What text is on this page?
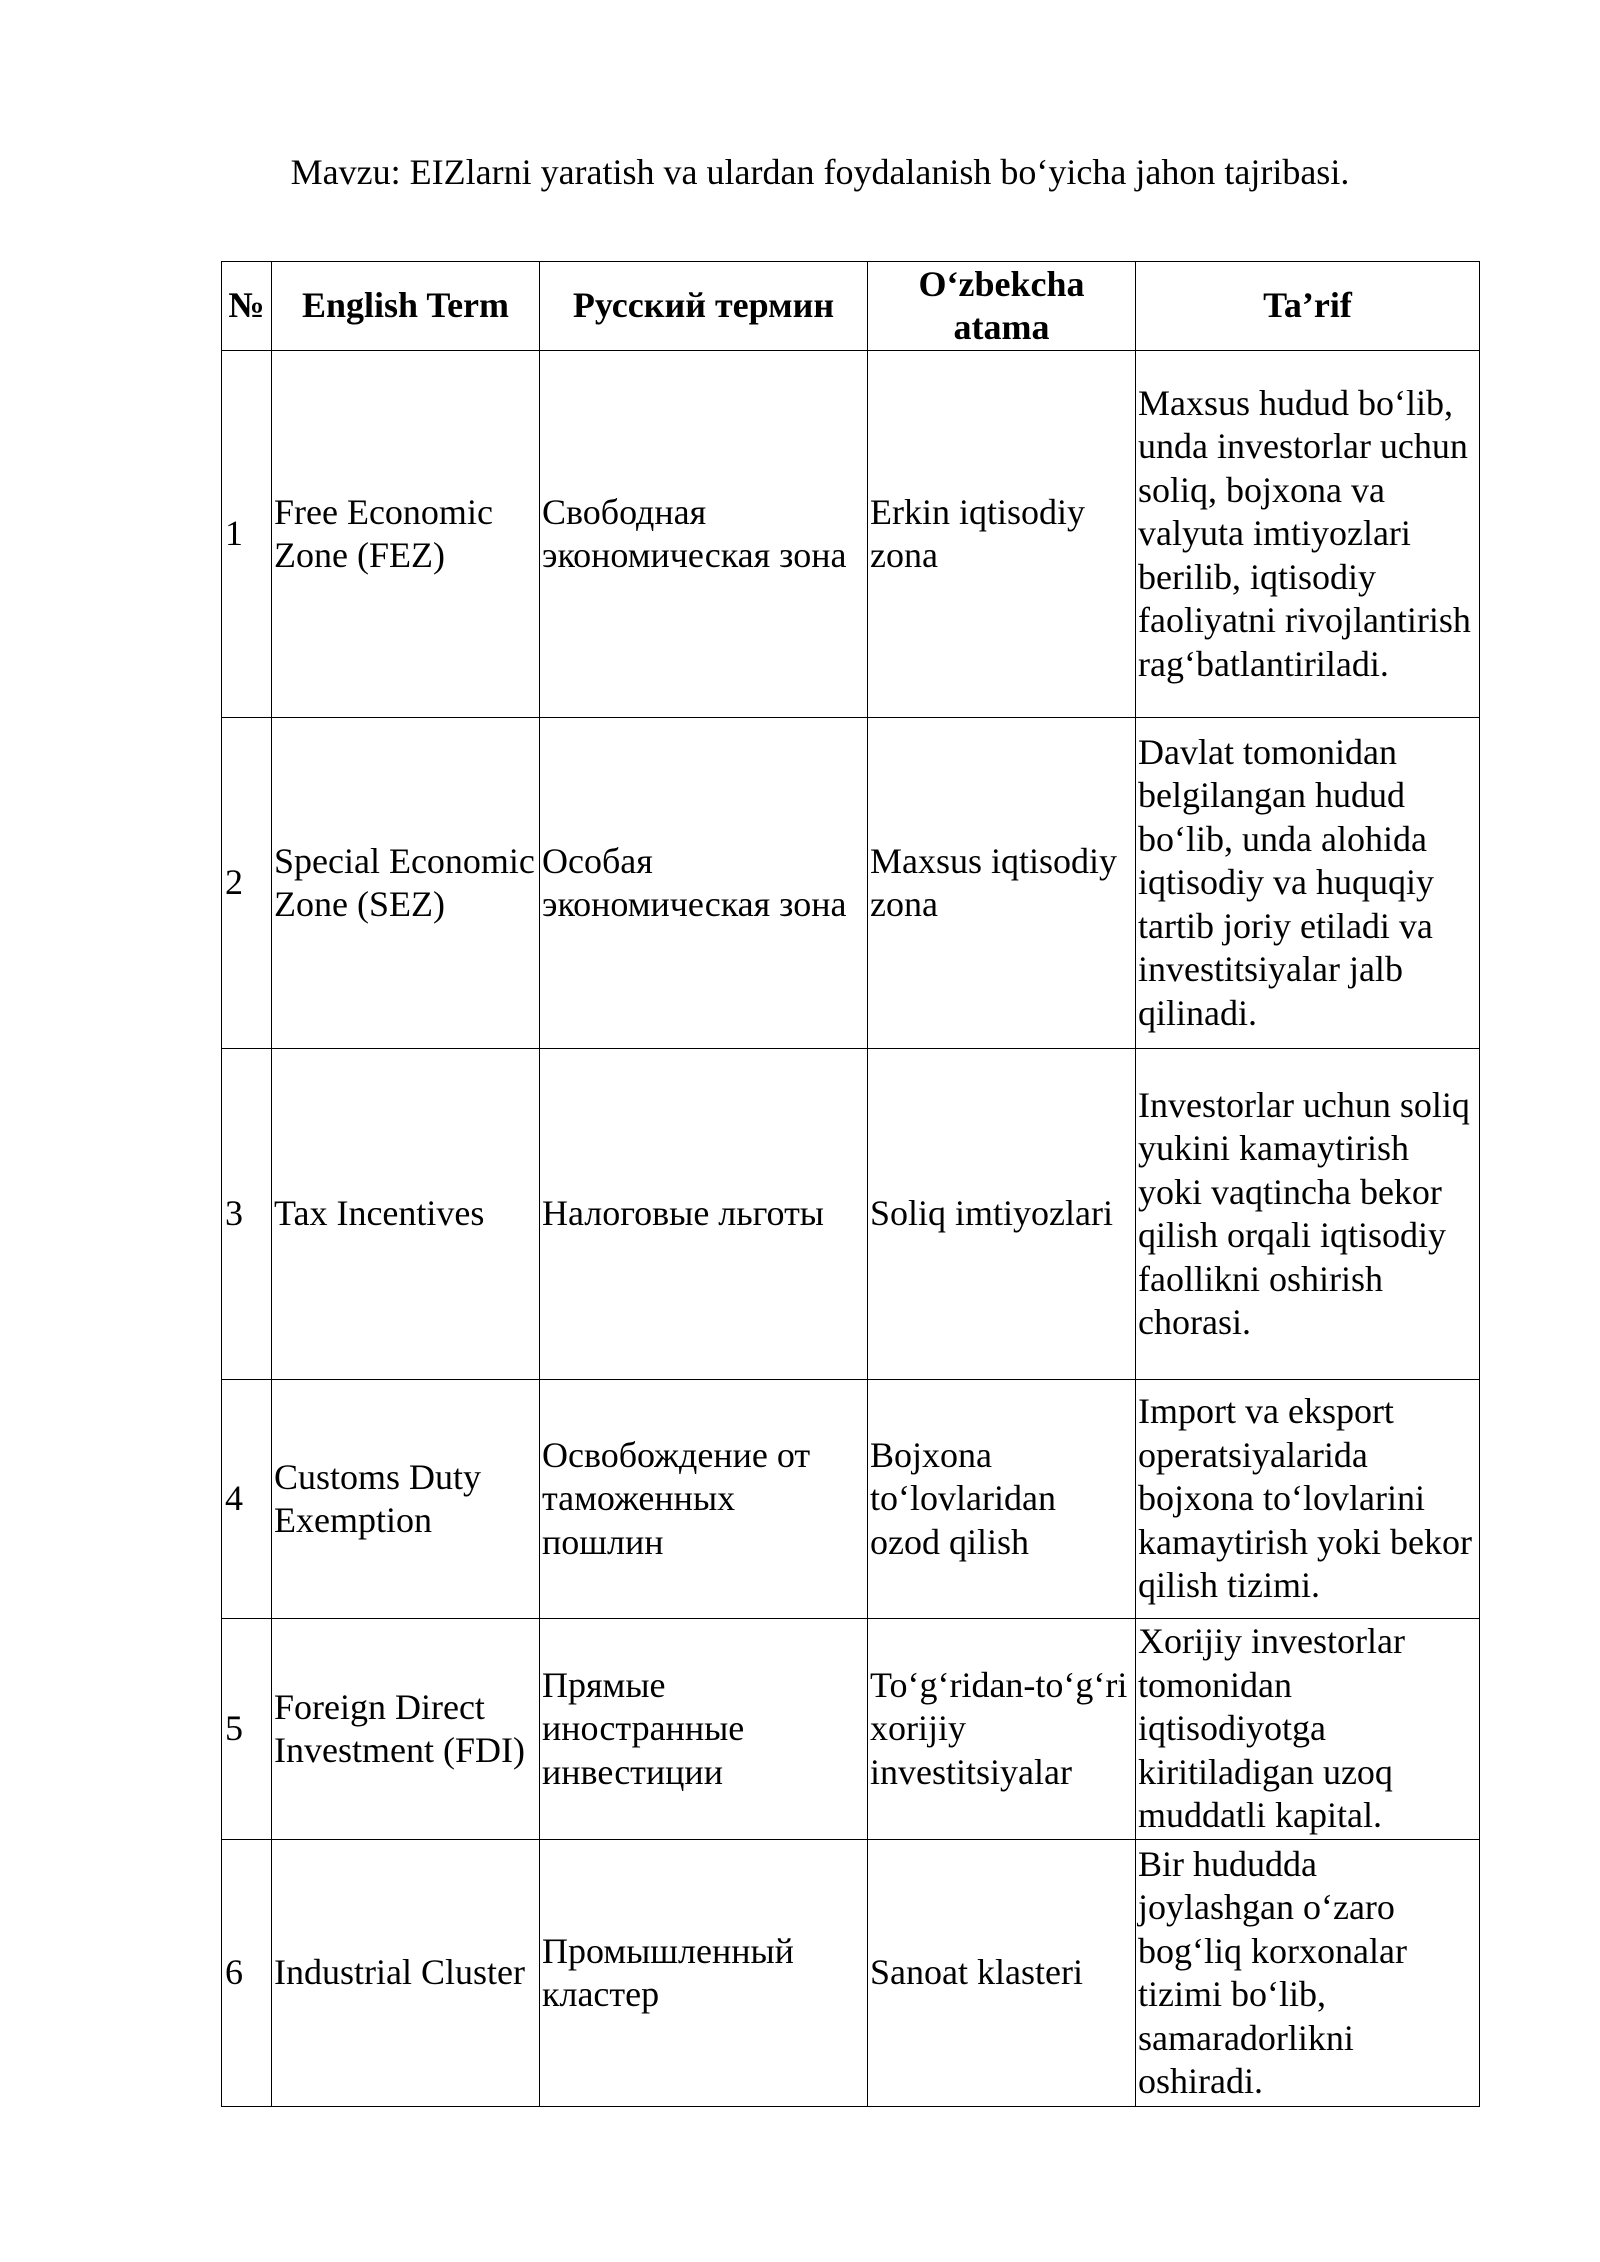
Mavzu: EIZlarni yaratish va ulardan foydalanish bo‘yicha jahon tajribasi.
№	English Term	Русский термин	O‘zbekcha atama	Ta’rif
1	Free Economic Zone (FEZ)	Свободная экономическая зона	Erkin iqtisodiy zona	Maxsus hudud bo‘lib, unda investorlar uchun soliq, bojxona va valyuta imtiyozlari berilib, iqtisodiy faoliyatni rivojlantirish rag‘batlantiriladi.
2	Special Economic Zone (SEZ)	Особая экономическая зона	Maxsus iqtisodiy zona	Davlat tomonidan belgilangan hudud bo‘lib, unda alohida iqtisodiy va huquqiy tartib joriy etiladi va investitsiyalar jalb qilinadi.
3	Tax Incentives	Налоговые льготы	Soliq imtiyozlari	Investorlar uchun soliq yukini kamaytirish yoki vaqtincha bekor qilish orqali iqtisodiy faollikni oshirish chorasi.
4	Customs Duty Exemption	Освобождение от таможенных пошлин	Bojxona to‘lovlaridan ozod qilish	Import va eksport operatsiyalarida bojxona to‘lovlarini kamaytirish yoki bekor qilish tizimi.
5	Foreign Direct Investment (FDI)	Прямые иностранные инвестиции	To‘g‘ridan-to‘g‘ri xorijiy investitsiyalar	Xorijiy investorlar tomonidan iqtisodiyotga kiritiladigan uzoq muddatli kapital.
6	Industrial Cluster	Промышленный кластер	Sanoat klasteri	Bir hududda joylashgan o‘zaro bog‘liq korxonalar tizimi bo‘lib, samaradorlikni oshiradi.
